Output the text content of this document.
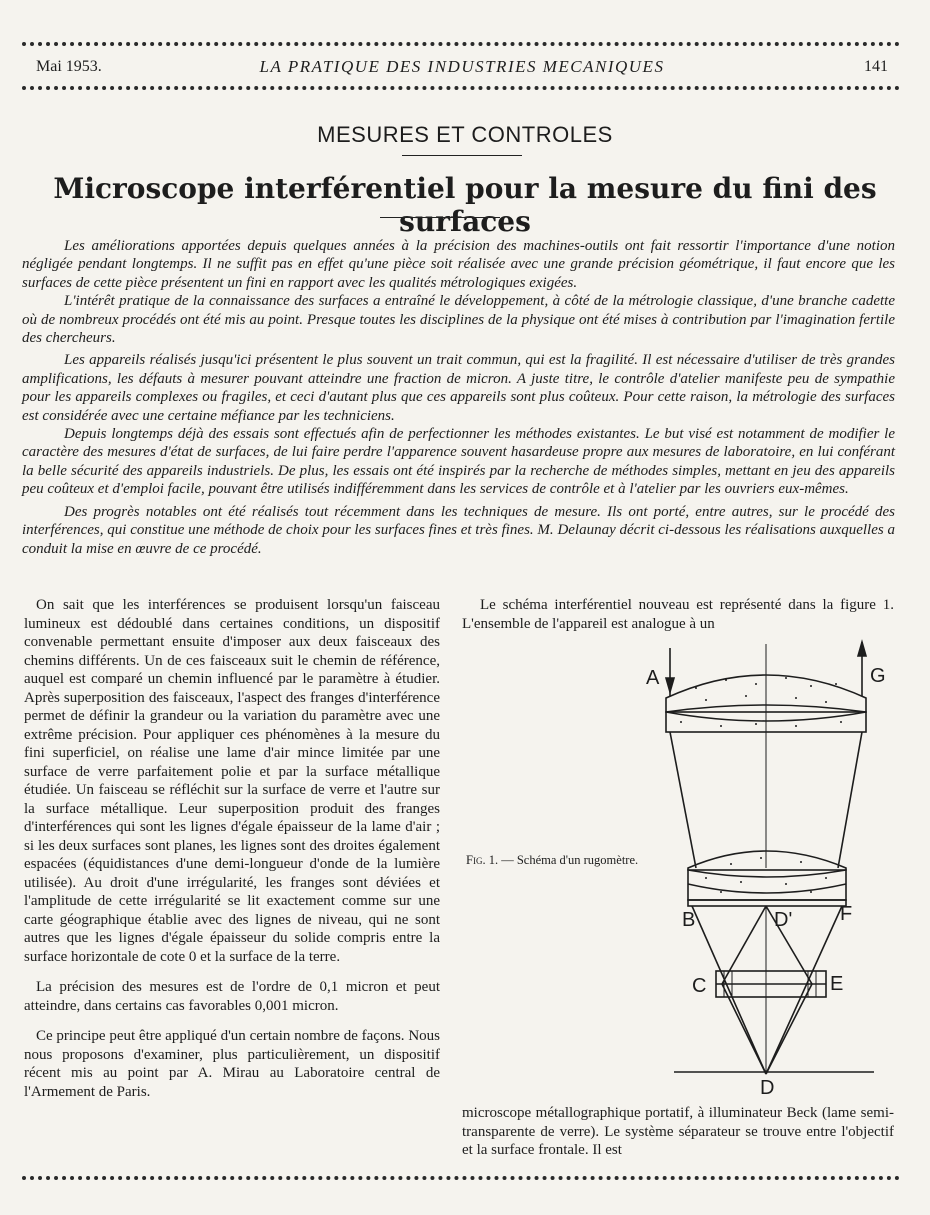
Mai 1953.	LA PRATIQUE DES INDUSTRIES MECANIQUES	141
MESURES ET CONTROLES
Microscope interférentiel pour la mesure du fini des surfaces

Les améliorations apportées depuis quelques années à la précision des machines-outils ont fait ressortir l'importance d'une notion négligée pendant longtemps. Il ne suffit pas en effet qu'une pièce soit réalisée avec une grande précision géométrique, il faut encore que les surfaces de cette pièce présentent un fini en rapport avec les qualités métrologiques exigées.

L'intérêt pratique de la connaissance des surfaces a entraîné le développement, à côté de la métrologie classique, d'une branche cadette où de nombreux procédés ont été mis au point. Presque toutes les disciplines de la physique ont été mises à contribution par l'imagination fertile des chercheurs.

Les appareils réalisés jusqu'ici présentent le plus souvent un trait commun, qui est la fragilité. Il est nécessaire d'utiliser de très grandes amplifications, les défauts à mesurer pouvant atteindre une fraction de micron. A juste titre, le contrôle d'atelier manifeste peu de sympathie pour les appareils complexes ou fragiles, et ceci d'autant plus que ces appareils sont plus coûteux. Pour cette raison, la métrologie des surfaces est considérée avec une certaine méfiance par les techniciens.

Depuis longtemps déjà des essais sont effectués afin de perfectionner les méthodes existantes. Le but visé est notamment de modifier le caractère des mesures d'état de surfaces, de lui faire perdre l'apparence souvent hasardeuse propre aux mesures de laboratoire, en lui conférant la belle sécurité des appareils industriels. De plus, les essais ont été inspirés par la recherche de méthodes simples, mettant en jeu des appareils peu coûteux et d'emploi facile, pouvant être utilisés indifféremment dans les services de contrôle et à l'atelier par les ouvriers eux-mêmes.

Des progrès notables ont été réalisés tout récemment dans les techniques de mesure. Ils ont porté, entre autres, sur le procédé des interférences, qui constitue une méthode de choix pour les surfaces fines et très fines. M. Delaunay décrit ci-dessous les réalisations auxquelles a conduit la mise en œuvre de ce procédé.

On sait que les interférences se produisent lorsqu'un faisceau lumineux est dédoublé dans certaines conditions, un dispositif convenable permettant ensuite d'imposer aux deux faisceaux des chemins différents. Un de ces faisceaux suit le chemin de référence, auquel est comparé un chemin influencé par le paramètre à étudier. Après superposition des faisceaux, l'aspect des franges d'interférence permet de définir la grandeur ou la variation du paramètre avec une extrême précision. Pour appliquer ces phénomènes à la mesure du fini superficiel, on réalise une lame d'air mince limitée par une surface de verre parfaitement polie et par la surface métallique étudiée. Un faisceau se réfléchit sur la surface de verre et l'autre sur la surface métallique. Leur superposition produit des franges d'interférences qui sont les lignes d'égale épaisseur de la lame d'air ; si les deux surfaces sont planes, les lignes sont des droites également espacées (équidistances d'une demi-longueur d'onde de la lumière utilisée). Au droit d'une irrégularité, les franges sont déviées et l'amplitude de cette irrégularité se lit exactement comme sur une carte géographique établie avec des lignes de niveau, qui ne sont autres que les lignes d'égale épaisseur du solide compris entre la surface horizontale de cote 0 et la surface de la terre.

La précision des mesures est de l'ordre de 0,1 micron et peut atteindre, dans certains cas favorables 0,001 micron.

Ce principe peut être appliqué d'un certain nombre de façons. Nous nous proposons d'examiner, plus particulièrement, un dispositif récent mis au point par A. Mirau au Laboratoire central de l'Armement de Paris.

Le schéma interférentiel nouveau est représenté dans la figure 1. L'ensemble de l'appareil est analogue à un

Fig. 1. — Schéma d'un rugomètre.
A	G
B	D' F
C	E
D

microscope métallographique portatif, à illuminateur Beck (lame semi-transparente de verre). Le système séparateur se trouve entre l'objectif et la surface frontale. Il est
